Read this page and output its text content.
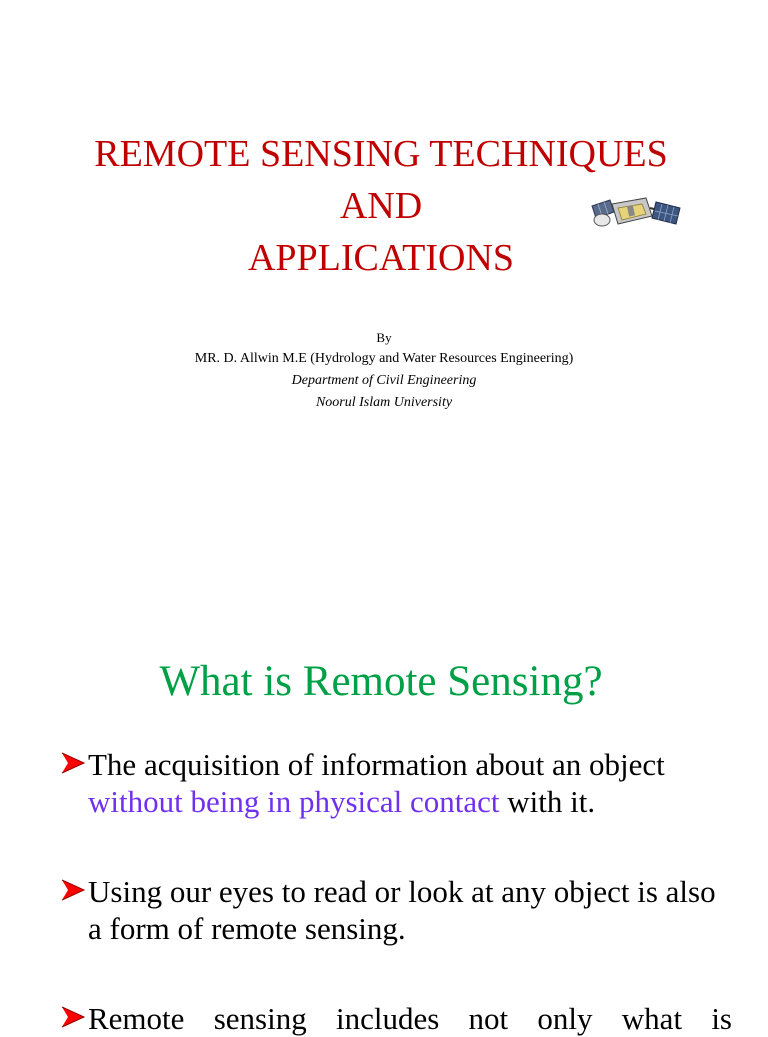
REMOTE SENSING TECHNIQUES
AND
APPLICATIONS
By
MR. D. Allwin M.E (Hydrology and Water Resources Engineering)
Department of Civil Engineering
Noorul Islam University
What is Remote Sensing?
The acquisition of information about an object without being in physical contact with it.
Using our eyes to read or look at any object is also a form of remote sensing.
Remote sensing includes not only what is
